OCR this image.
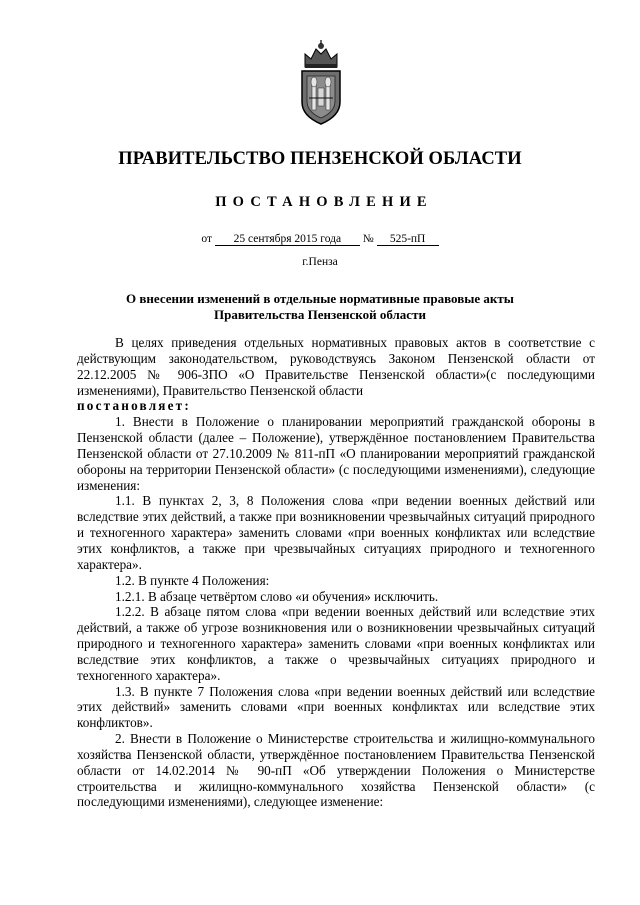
ПРАВИТЕЛЬСТВО ПЕНЗЕНСКОЙ ОБЛАСТИ
ПОСТАНОВЛЕНИЕ
от 25 сентября 2015 года № 525-пП
г.Пенза
О внесении изменений в отдельные нормативные правовые акты Правительства Пензенской области

В целях приведения отдельных нормативных правовых актов в соответствие с действующим законодательством, руководствуясь Законом Пензенской области от 22.12.2005 № 906-ЗПО «О Правительстве Пензенской области»(с последующими изменениями), Правительство Пензенской области

постановляет:

1. Внести в Положение о планировании мероприятий гражданской обороны в Пензенской области (далее – Положение), утверждённое постановлением Правительства Пензенской области от 27.10.2009 № 811-пП «О планировании мероприятий гражданской обороны на территории Пензенской области» (с последующими изменениями), следующие изменения:

1.1. В пунктах 2, 3, 8 Положения слова «при ведении военных действий или вследствие этих действий, а также при возникновении чрезвычайных ситуаций природного и техногенного характера» заменить словами «при военных конфликтах или вследствие этих конфликтов, а также при чрезвычайных ситуациях природного и техногенного характера».

1.2. В пункте 4 Положения:

1.2.1. В абзаце четвёртом слово «и обучения» исключить.

1.2.2. В абзаце пятом слова «при ведении военных действий или вследствие этих действий, а также об угрозе возникновения или о возникновении чрезвычайных ситуаций природного и техногенного характера» заменить словами «при военных конфликтах или вследствие этих конфликтов, а также о чрезвычайных ситуациях природного и техногенного характера».

1.3. В пункте 7 Положения слова «при ведении военных действий или вследствие этих действий» заменить словами «при военных конфликтах или вследствие этих конфликтов».

2. Внести в Положение о Министерстве строительства и жилищно-коммунального хозяйства Пензенской области, утверждённое постановлением Правительства Пензенской области от 14.02.2014 № 90-пП «Об утверждении Положения о Министерстве строительства и жилищно-коммунального хозяйства Пензенской области» (с последующими изменениями), следующее изменение:
